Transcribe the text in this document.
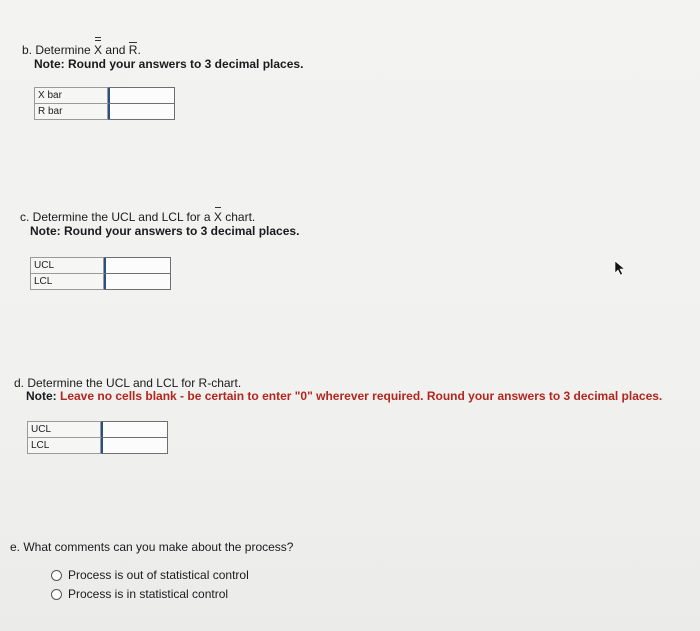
b. Determine X and R.
Note: Round your answers to 3 decimal places.
X bar	
R bar	
c. Determine the UCL and LCL for a X chart.
Note: Round your answers to 3 decimal places.
UCL	
LCL	
d. Determine the UCL and LCL for R-chart.
Note: Leave no cells blank - be certain to enter "0" wherever required. Round your answers to 3 decimal places.
UCL	
LCL	
e. What comments can you make about the process?
Process is out of statistical control
Process is in statistical control
